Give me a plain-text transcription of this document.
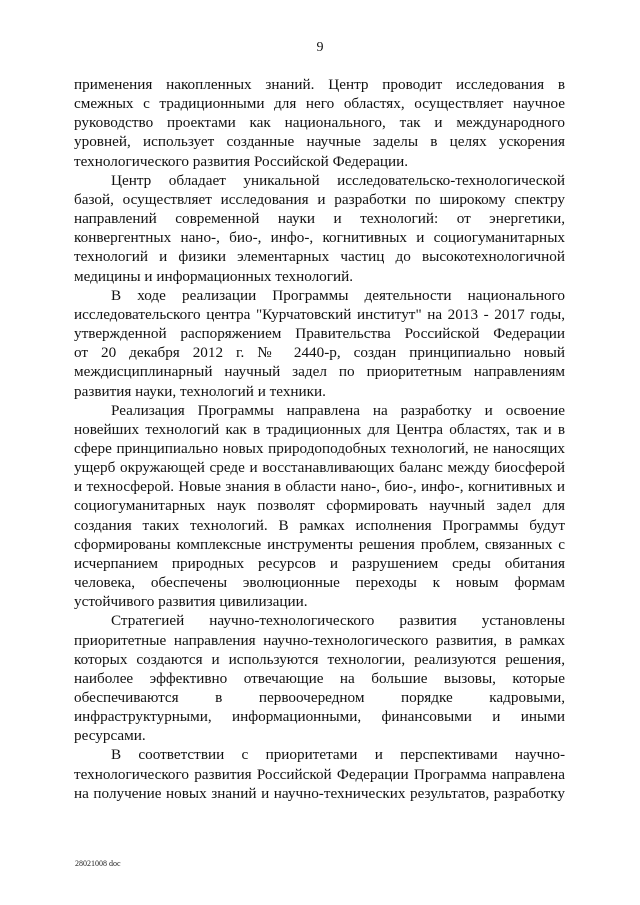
9

применения накопленных знаний. Центр проводит исследования в
смежных с традиционными для него областях, осуществляет научное
руководство проектами как национального, так и международного
уровней, использует созданные научные заделы в целях ускорения
технологического развития Российской Федерации.

Центр обладает уникальной исследовательско-технологической
базой, осуществляет исследования и разработки по широкому спектру
направлений современной науки и технологий: от энергетики,
конвергентных нано-, био-, инфо-, когнитивных и социогуманитарных
технологий и физики элементарных частиц до высокотехнологичной
медицины и информационных технологий.

В ходе реализации Программы деятельности национального
исследовательского центра "Курчатовский институт" на 2013 - 2017 годы,
утвержденной распоряжением Правительства Российской Федерации
от 20 декабря 2012 г. № 2440-р, создан принципиально новый
междисциплинарный научный задел по приоритетным направлениям
развития науки, технологий и техники.

Реализация Программы направлена на разработку и освоение
новейших технологий как в традиционных для Центра областях, так и в
сфере принципиально новых природоподобных технологий, не наносящих
ущерб окружающей среде и восстанавливающих баланс между биосферой
и техносферой. Новые знания в области нано-, био-, инфо-, когнитивных и
социогуманитарных наук позволят сформировать научный задел для
создания таких технологий. В рамках исполнения Программы будут
сформированы комплексные инструменты решения проблем, связанных с
исчерпанием природных ресурсов и разрушением среды обитания
человека, обеспечены эволюционные переходы к новым формам
устойчивого развития цивилизации.

Стратегией научно-технологического развития установлены
приоритетные направления научно-технологического развития, в рамках
которых создаются и используются технологии, реализуются решения,
наиболее эффективно отвечающие на большие вызовы, которые
обеспечиваются в первоочередном порядке кадровыми,
инфраструктурными, информационными, финансовыми и иными
ресурсами.

В соответствии с приоритетами и перспективами научно-
технологического развития Российской Федерации Программа направлена
на получение новых знаний и научно-технических результатов, разработку

28021008 doc
